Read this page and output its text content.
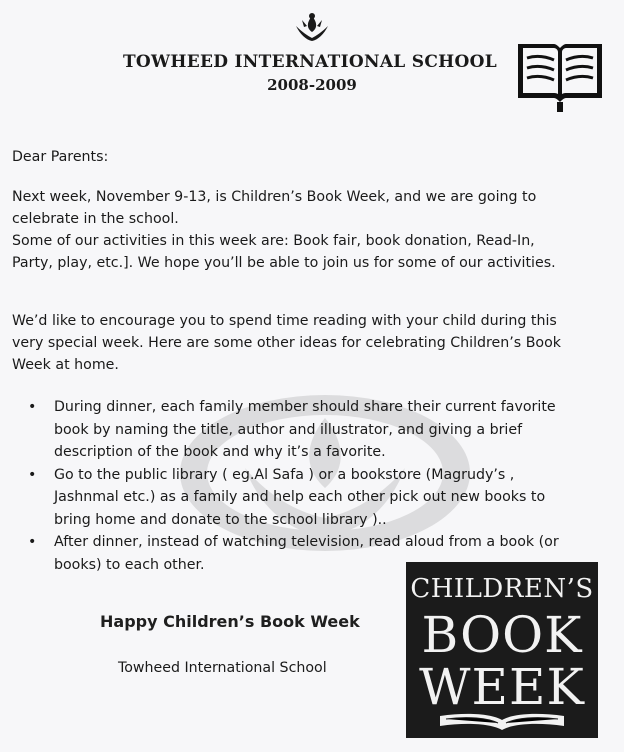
TOWHEED INTERNATIONAL SCHOOL
2008-2009
Dear Parents:
Next week, November 9-13, is Children’s Book Week, and we are going to
celebrate in the school.
Some of our activities in this week are: Book fair, book donation, Read-In,
Party, play, etc.]. We hope you’ll be able to join us for some of our activities.
We’d like to encourage you to spend time reading with your child during this
very special week. Here are some other ideas for celebrating Children’s Book
Week at home.
• During dinner, each family member should share their current favorite
book by naming the title, author and illustrator, and giving a brief
description of the book and why it’s a favorite.
• Go to the public library ( eg.Al Safa ) or a bookstore (Magrudy’s ,
Jashnmal etc.) as a family and help each other pick out new books to
bring home and donate to the school library )..
• After dinner, instead of watching television, read aloud from a book (or
books) to each other.
Happy Children’s Book Week
Towheed International School
CHILDREN’S
BOOK
WEEK
